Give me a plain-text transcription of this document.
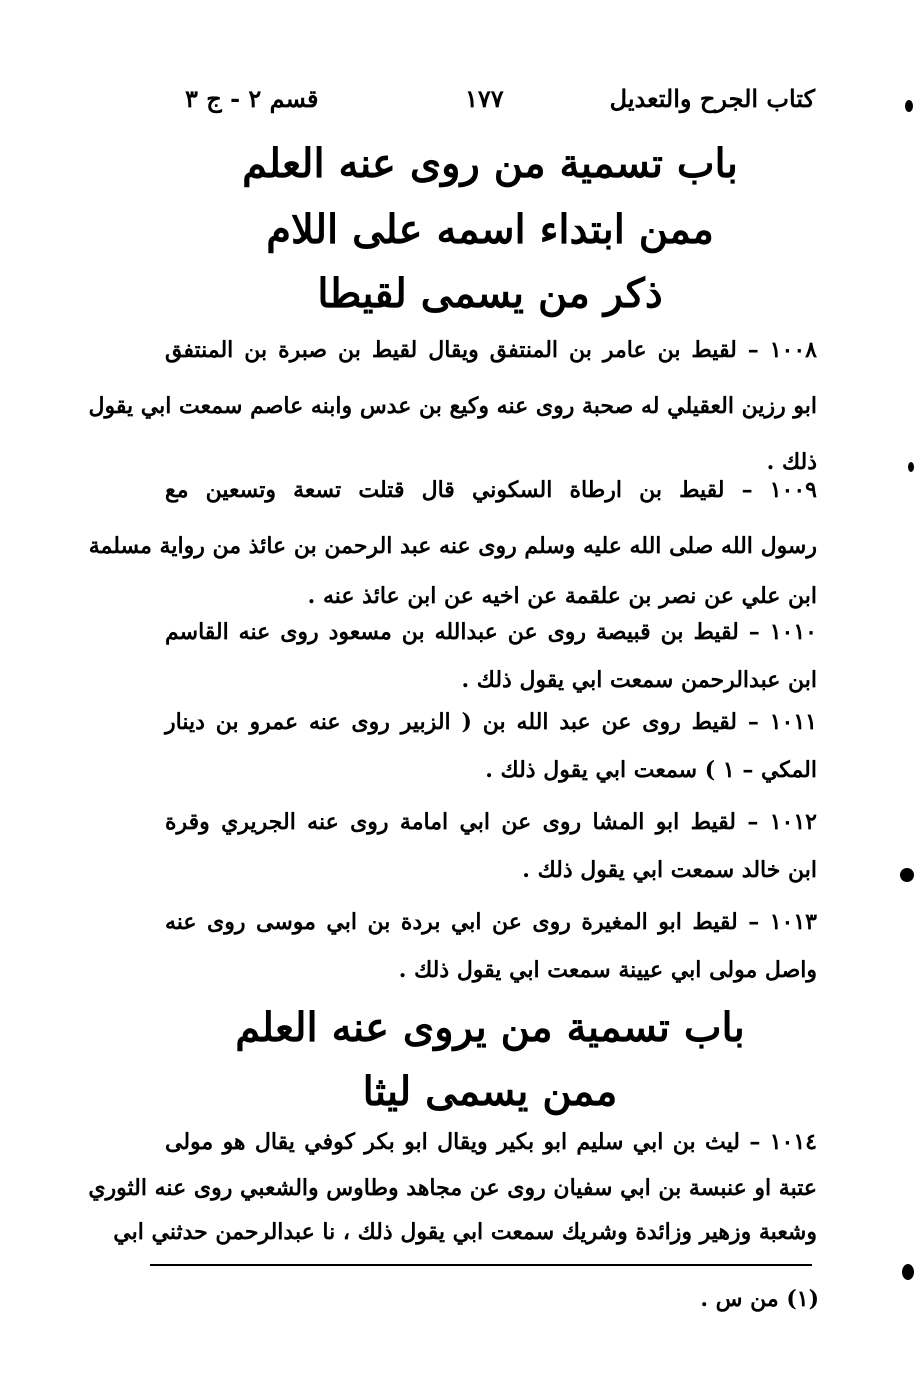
كتاب الجرح والتعديل
١٧٧
قسم ٢ - ج ٣
باب تسمية من روى عنه العلم
ممن ابتداء اسمه على اللام
ذكر من يسمى لقيطا
١٠٠٨ – لقيط بن عامر بن المنتفق ويقال لقيط بن صبرة بن المنتفق
ابو رزين العقيلي له صحبة روى عنه وكيع بن عدس وابنه عاصم سمعت ابي يقول
ذلك .
١٠٠٩ – لقيط بن ارطاة السكوني قال قتلت تسعة وتسعين مع
رسول الله صلى الله عليه وسلم روى عنه عبد الرحمن بن عائذ من رواية مسلمة
ابن علي عن نصر بن علقمة عن اخيه عن ابن عائذ عنه .
١٠١٠ – لقيط بن قبيصة روى عن عبدالله بن مسعود روى عنه القاسم
ابن عبدالرحمن سمعت ابي يقول ذلك .
١٠١١ – لقيط روى عن عبد الله بن ( الزبير روى عنه عمرو بن دينار
المكي – ١ ) سمعت ابي يقول ذلك .
١٠١٢ – لقيط ابو المشا روى عن ابي امامة روى عنه الجريري وقرة
ابن خالد سمعت ابي يقول ذلك .
١٠١٣ – لقيط ابو المغيرة روى عن ابي بردة بن ابي موسى روى عنه
واصل مولى ابي عيينة سمعت ابي يقول ذلك .
باب تسمية من يروى عنه العلم
ممن يسمى ليثا
١٠١٤ – ليث بن ابي سليم ابو بكير ويقال ابو بكر كوفي يقال هو مولى
عتبة او عنبسة بن ابي سفيان روى عن مجاهد وطاوس والشعبي روى عنه الثوري
وشعبة وزهير وزائدة وشريك سمعت ابي يقول ذلك ، نا عبدالرحمن حدثني ابي
(١) من س .
